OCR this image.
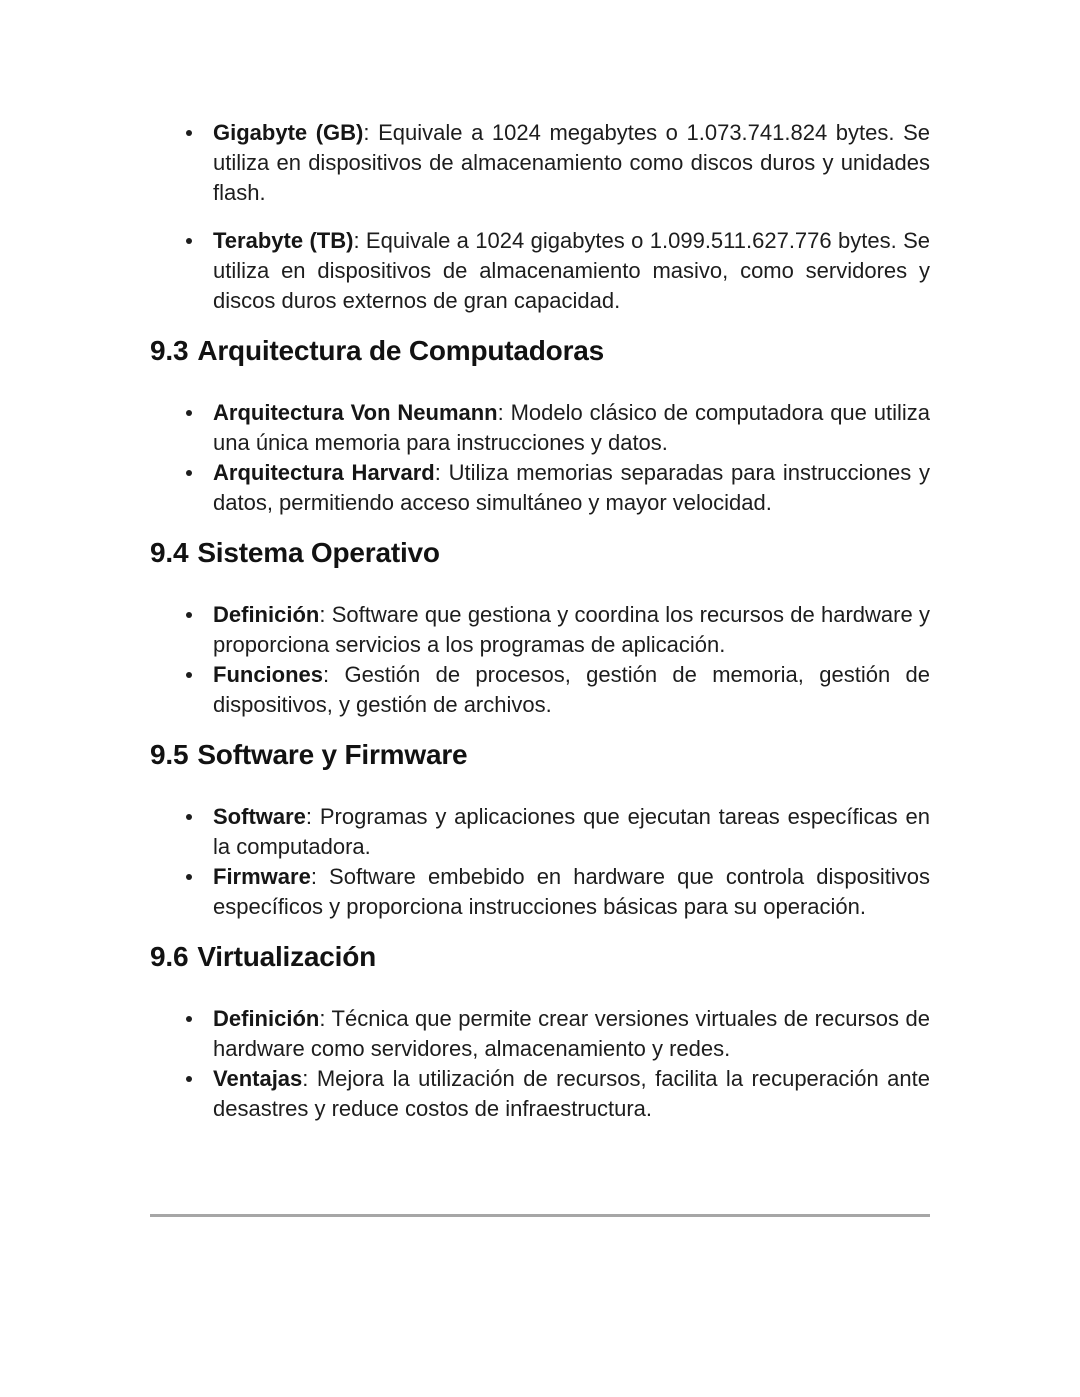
Gigabyte (GB): Equivale a 1024 megabytes o 1.073.741.824 bytes. Se utiliza en dispositivos de almacenamiento como discos duros y unidades flash.
Terabyte (TB): Equivale a 1024 gigabytes o 1.099.511.627.776 bytes. Se utiliza en dispositivos de almacenamiento masivo, como servidores y discos duros externos de gran capacidad.
9.3 Arquitectura de Computadoras
Arquitectura Von Neumann: Modelo clásico de computadora que utiliza una única memoria para instrucciones y datos.
Arquitectura Harvard: Utiliza memorias separadas para instrucciones y datos, permitiendo acceso simultáneo y mayor velocidad.
9.4 Sistema Operativo
Definición: Software que gestiona y coordina los recursos de hardware y proporciona servicios a los programas de aplicación.
Funciones: Gestión de procesos, gestión de memoria, gestión de dispositivos, y gestión de archivos.
9.5 Software y Firmware
Software: Programas y aplicaciones que ejecutan tareas específicas en la computadora.
Firmware: Software embebido en hardware que controla dispositivos específicos y proporciona instrucciones básicas para su operación.
9.6 Virtualización
Definición: Técnica que permite crear versiones virtuales de recursos de hardware como servidores, almacenamiento y redes.
Ventajas: Mejora la utilización de recursos, facilita la recuperación ante desastres y reduce costos de infraestructura.
